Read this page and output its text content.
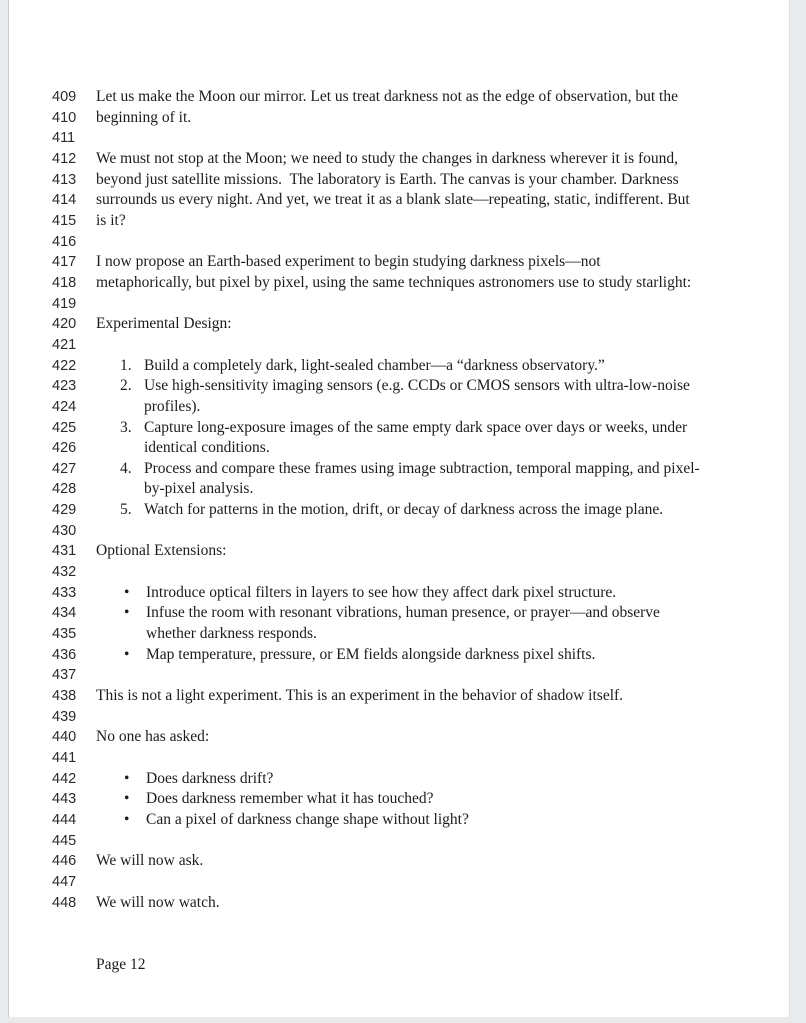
409 Let us make the Moon our mirror. Let us treat darkness not as the edge of observation, but the
410 beginning of it.
411
412 We must not stop at the Moon; we need to study the changes in darkness wherever it is found,
413 beyond just satellite missions.  The laboratory is Earth. The canvas is your chamber. Darkness
414 surrounds us every night. And yet, we treat it as a blank slate—repeating, static, indifferent. But
415 is it?
416
417 I now propose an Earth-based experiment to begin studying darkness pixels—not
418 metaphorically, but pixel by pixel, using the same techniques astronomers use to study starlight:
419
420 Experimental Design:
421
422	1. Build a completely dark, light-sealed chamber—a “darkness observatory.”
423	2. Use high-sensitivity imaging sensors (e.g. CCDs or CMOS sensors with ultra-low-noise
424	profiles).
425	3. Capture long-exposure images of the same empty dark space over days or weeks, under
426	identical conditions.
427	4. Process and compare these frames using image subtraction, temporal mapping, and pixel-
428	by-pixel analysis.
429	5. Watch for patterns in the motion, drift, or decay of darkness across the image plane.
430
431 Optional Extensions:
432
433	• Introduce optical filters in layers to see how they affect dark pixel structure.
434	• Infuse the room with resonant vibrations, human presence, or prayer—and observe
435	whether darkness responds.
436	• Map temperature, pressure, or EM fields alongside darkness pixel shifts.
437
438 This is not a light experiment. This is an experiment in the behavior of shadow itself.
439
440 No one has asked:
441
442	• Does darkness drift?
443	• Does darkness remember what it has touched?
444	• Can a pixel of darkness change shape without light?
445
446 We will now ask.
447
448 We will now watch.
Page 12
